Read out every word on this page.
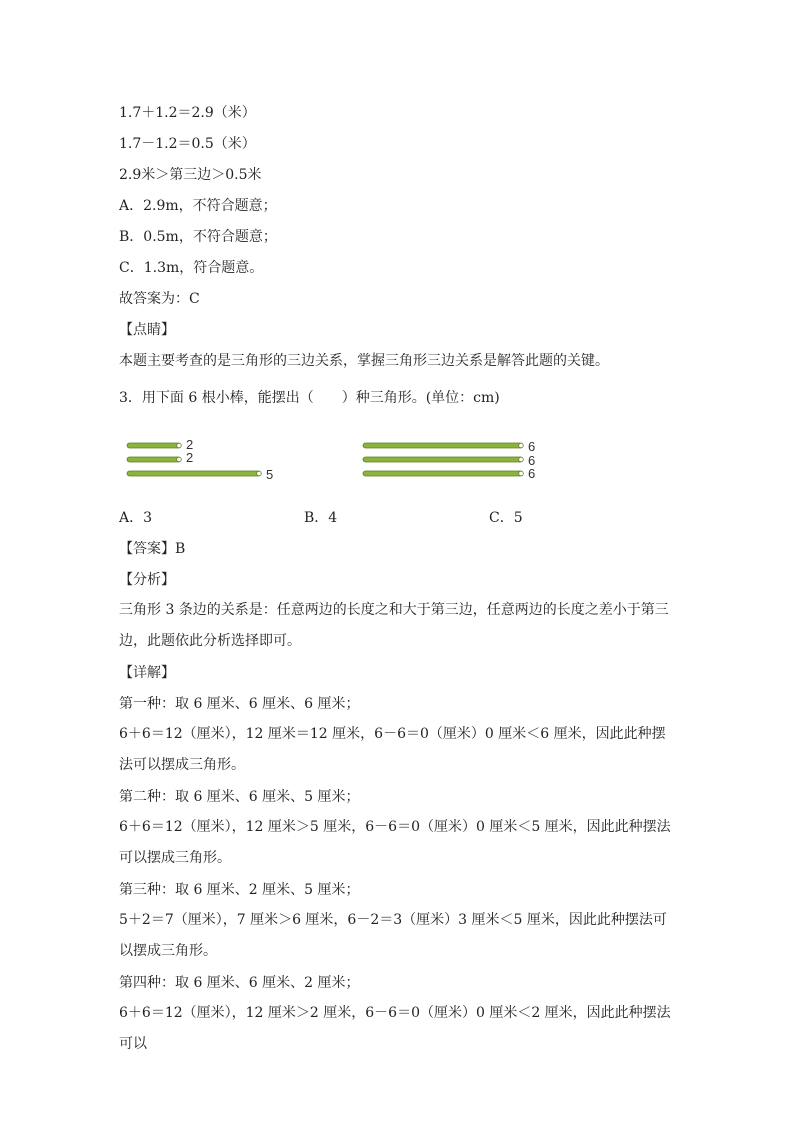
1.7＋1.2＝2.9（米）
1.7－1.2＝0.5（米）
2.9米＞第三边＞0.5米
A．2.9m，不符合题意；
B．0.5m，不符合题意；
C．1.3m，符合题意。
故答案为：C
【点睛】
本题主要考查的是三角形的三边关系，掌握三角形三边关系是解答此题的关键。
3．用下面 6 根小棒，能摆出（　　）种三角形。(单位：cm)
2
2
5
6
6
6
A．3	B．4	C．5
【答案】B
【分析】
三角形 3 条边的关系是：任意两边的长度之和大于第三边，任意两边的长度之差小于第三边，此题依此分析选择即可。
【详解】
第一种：取 6 厘米、6 厘米、6 厘米；
6＋6＝12（厘米），12 厘米＝12 厘米，6－6＝0（厘米）0 厘米＜6 厘米，因此此种摆法可以摆成三角形。
第二种：取 6 厘米、6 厘米、5 厘米；
6＋6＝12（厘米），12 厘米＞5 厘米，6－6＝0（厘米）0 厘米＜5 厘米，因此此种摆法可以摆成三角形。
第三种：取 6 厘米、2 厘米、5 厘米；
5＋2＝7（厘米），7 厘米＞6 厘米，6－2＝3（厘米）3 厘米＜5 厘米，因此此种摆法可以摆成三角形。
第四种：取 6 厘米、6 厘米、2 厘米；
6＋6＝12（厘米），12 厘米＞2 厘米，6－6＝0（厘米）0 厘米＜2 厘米，因此此种摆法可以
